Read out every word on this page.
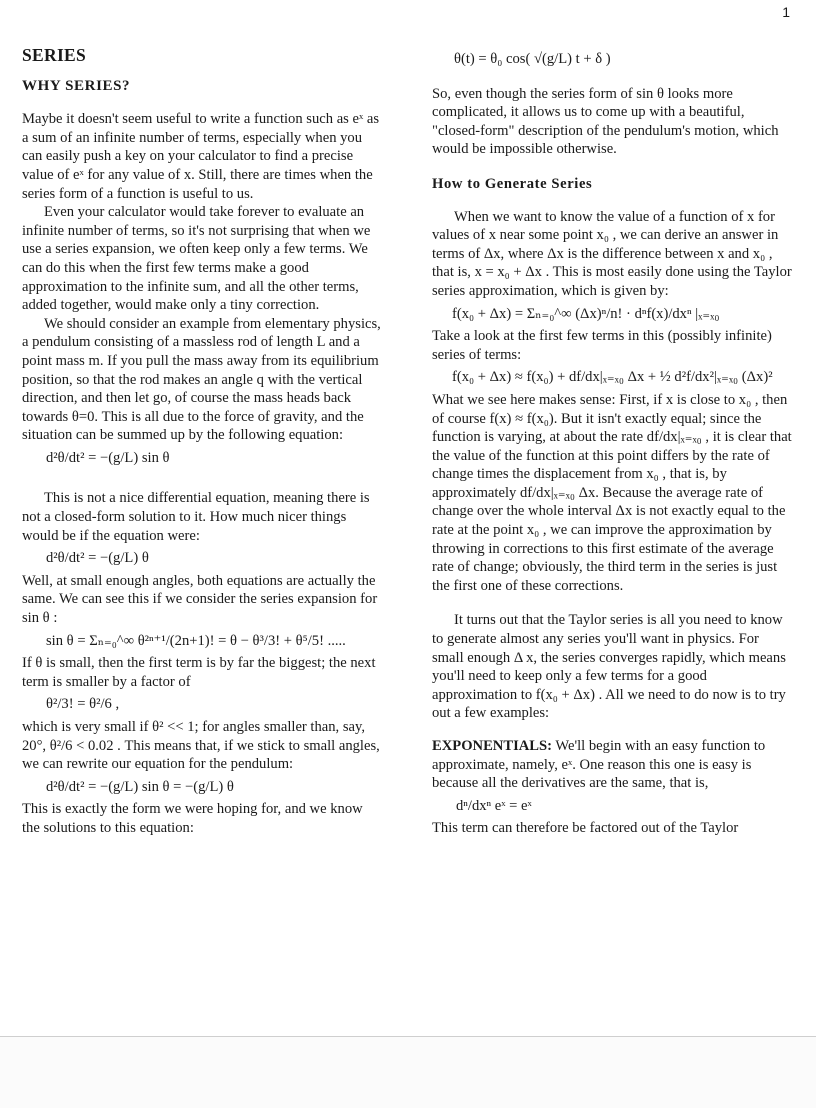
1
SERIES
WHY SERIES?

Maybe it doesn't seem useful to write a function such as eˣ as a sum of an infinite number of terms, especially when you can easily push a key on your calculator to find a precise value of eˣ for any value of x. Still, there are times when the series form of a function is useful to us.

Even your calculator would take forever to evaluate an infinite number of terms, so it's not surprising that when we use a series expansion, we often keep only a few terms. We can do this when the first few terms make a good approximation to the infinite sum, and all the other terms, added together, would make only a tiny correction.

We should consider an example from elementary physics, a pendulum consisting of a massless rod of length L and a point mass m. If you pull the mass away from its equilibrium position, so that the rod makes an angle q with the vertical direction, and then let go, of course the mass heads back towards θ=0. This is all due to the force of gravity, and the situation can be summed up by the following equation:

d²θ/dt² = −(g/L) sin θ

This is not a nice differential equation, meaning there is not a closed-form solution to it. How much nicer things would be if the equation were:

d²θ/dt² = −(g/L) θ

Well, at small enough angles, both equations are actually the same. We can see this if we consider the series expansion for sin θ :

sin θ = Σₙ₌₀^∞ θ²ⁿ⁺¹/(2n+1)! = θ − θ³/3! + θ⁵/5! .....

If θ is small, then the first term is by far the biggest; the next term is smaller by a factor of

θ²/3! = θ²/6 ,

which is very small if θ² << 1; for angles smaller than, say, 20°, θ²/6 < 0.02 . This means that, if we stick to small angles, we can rewrite our equation for the pendulum:

d²θ/dt² = −(g/L) sin θ = −(g/L) θ

This is exactly the form we were hoping for, and we know the solutions to this equation:

θ(t) = θ₀ cos( √(g/L) t + δ )

So, even though the series form of sin θ looks more complicated, it allows us to come up with a beautiful, "closed-form" description of the pendulum's motion, which would be impossible otherwise.

How to Generate Series

When we want to know the value of a function of x for values of x near some point x₀ , we can derive an answer in terms of Δx, where Δx is the difference between x and x₀ , that is, x = x₀ + Δx . This is most easily done using the Taylor series approximation, which is given by:

f(x₀ + Δx) = Σₙ₌₀^∞ (Δx)ⁿ/n! · dⁿf(x)/dxⁿ |ₓ₌ₓ₀

Take a look at the first few terms in this (possibly infinite) series of terms:

f(x₀ + Δx) ≈ f(x₀) + df/dx|ₓ₌ₓ₀ Δx + ½ d²f/dx²|ₓ₌ₓ₀ (Δx)²

What we see here makes sense: First, if x is close to x₀ , then of course f(x) ≈ f(x₀). But it isn't exactly equal; since the function is varying, at about the rate df/dx|ₓ₌ₓ₀ , it is clear that the value of the function at this point differs by the rate of change times the displacement from x₀ , that is, by approximately df/dx|ₓ₌ₓ₀ Δx. Because the average rate of change over the whole interval Δx is not exactly equal to the rate at the point x₀ , we can improve the approximation by throwing in corrections to this first estimate of the average rate of change; obviously, the third term in the series is just the first one of these corrections.

It turns out that the Taylor series is all you need to know to generate almost any series you'll want in physics. For small enough Δ x, the series converges rapidly, which means you'll need to keep only a few terms for a good approximation to f(x₀ + Δx) . All we need to do now is to try out a few examples:

EXPONENTIALS: We'll begin with an easy function to approximate, namely, eˣ. One reason this one is easy is because all the derivatives are the same, that is,

dⁿ/dxⁿ eˣ = eˣ

This term can therefore be factored out of the Taylor
